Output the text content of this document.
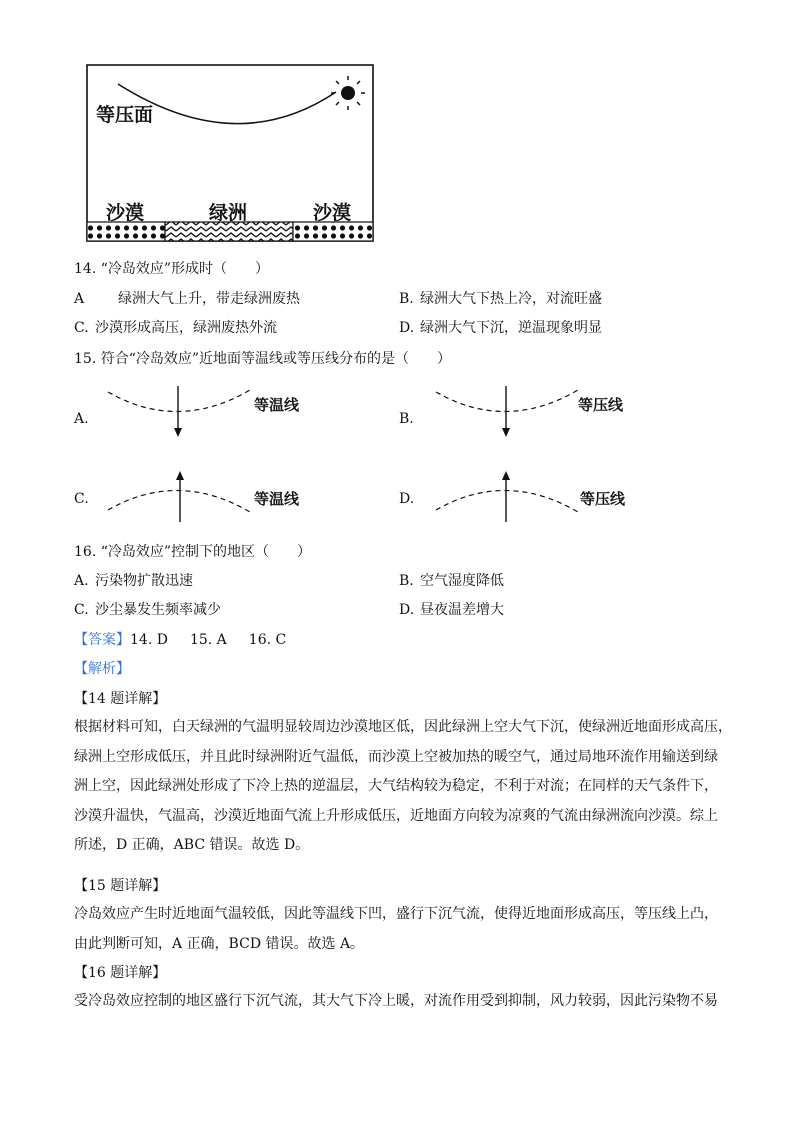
等压面
沙漠	绿洲	沙漠
14. “冷岛效应”形成时（　　）
A 绿洲大气上升，带走绿洲废热	B. 绿洲大气下热上冷，对流旺盛
C. 沙漠形成高压，绿洲废热外流	D. 绿洲大气下沉，逆温现象明显
15. 符合“冷岛效应”近地面等温线或等压线分布的是（　　）
A.
等温线
B.
等压线
C.	等温线	D.	等压线
16. “冷岛效应”控制下的地区（　　）
A. 污染物扩散迅速	B. 空气湿度降低
C. 沙尘暴发生频率减少	D. 昼夜温差增大
【答案】14. D 15. A 16. C
【解析】
【14 题详解】
根据材料可知，白天绿洲的气温明显较周边沙漠地区低，因此绿洲上空大气下沉，使绿洲近地面形成高压，
绿洲上空形成低压，并且此时绿洲附近气温低，而沙漠上空被加热的暖空气，通过局地环流作用输送到绿
洲上空，因此绿洲处形成了下冷上热的逆温层，大气结构较为稳定，不利于对流；在同样的天气条件下，
沙漠升温快，气温高，沙漠近地面气流上升形成低压，近地面方向较为凉爽的气流由绿洲流向沙漠。综上
所述，D 正确，ABC 错误。故选 D。
【15 题详解】
冷岛效应产生时近地面气温较低，因此等温线下凹，盛行下沉气流，使得近地面形成高压，等压线上凸，
由此判断可知，A 正确，BCD 错误。故选 A。
【16 题详解】
受冷岛效应控制的地区盛行下沉气流，其大气下冷上暖，对流作用受到抑制，风力较弱，因此污染物不易
